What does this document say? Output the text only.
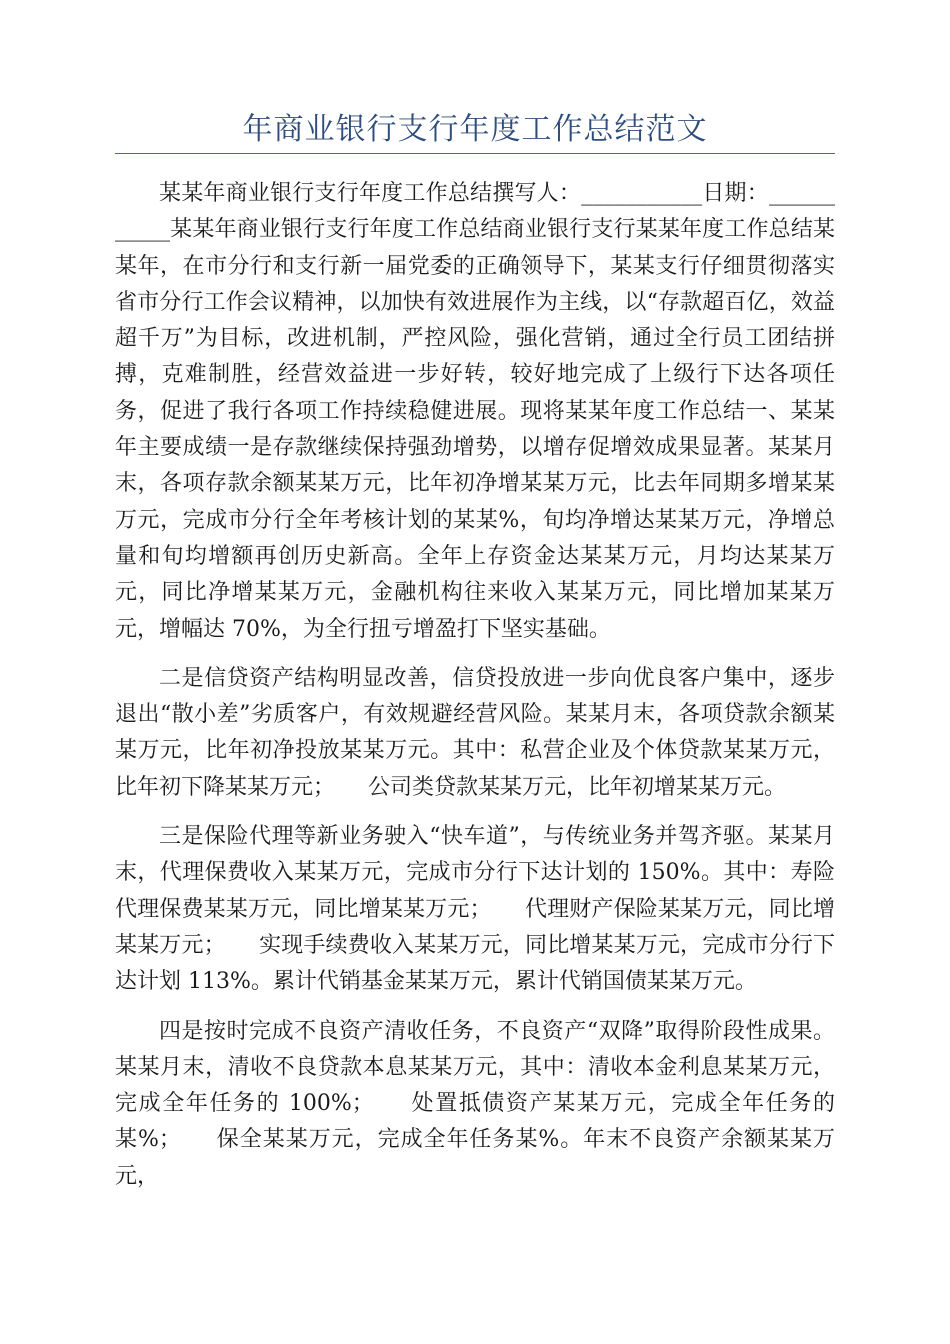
年商业银行支行年度工作总结范文

某某年商业银行支行年度工作总结撰写人：___________日期：___________某某年商业银行支行年度工作总结商业银行支行某某年度工作总结某某年，在市分行和支行新一届党委的正确领导下，某某支行仔细贯彻落实省市分行工作会议精神，以加快有效进展作为主线，以“存款超百亿，效益超千万”为目标，改进机制，严控风险，强化营销，通过全行员工团结拼搏，克难制胜，经营效益进一步好转，较好地完成了上级行下达各项任务，促进了我行各项工作持续稳健进展。现将某某年度工作总结一、某某年主要成绩一是存款继续保持强劲增势，以增存促增效成果显著。某某月末，各项存款余额某某万元，比年初净增某某万元，比去年同期多增某某万元，完成市分行全年考核计划的某某%，旬均净增达某某万元，净增总量和旬均增额再创历史新高。全年上存资金达某某万元，月均达某某万元，同比净增某某万元，金融机构往来收入某某万元，同比增加某某万元，增幅达 70%，为全行扭亏增盈打下坚实基础。

二是信贷资产结构明显改善，信贷投放进一步向优良客户集中，逐步退出“散小差”劣质客户，有效规避经营风险。某某月末，各项贷款余额某某万元，比年初净投放某某万元。其中：私营企业及个体贷款某某万元，比年初下降某某万元；　　公司类贷款某某万元，比年初增某某万元。

三是保险代理等新业务驶入“快车道”，与传统业务并驾齐驱。某某月末，代理保费收入某某万元，完成市分行下达计划的 150%。其中：寿险代理保费某某万元，同比增某某万元；　　代理财产保险某某万元，同比增某某万元；　　实现手续费收入某某万元，同比增某某万元，完成市分行下达计划 113%。累计代销基金某某万元，累计代销国债某某万元。

四是按时完成不良资产清收任务，不良资产“双降”取得阶段性成果。某某月末，清收不良贷款本息某某万元，其中：清收本金利息某某万元，完成全年任务的 100%；　　处置抵债资产某某万元，完成全年任务的某%；　　保全某某万元，完成全年任务某%。年末不良资产余额某某万元，
